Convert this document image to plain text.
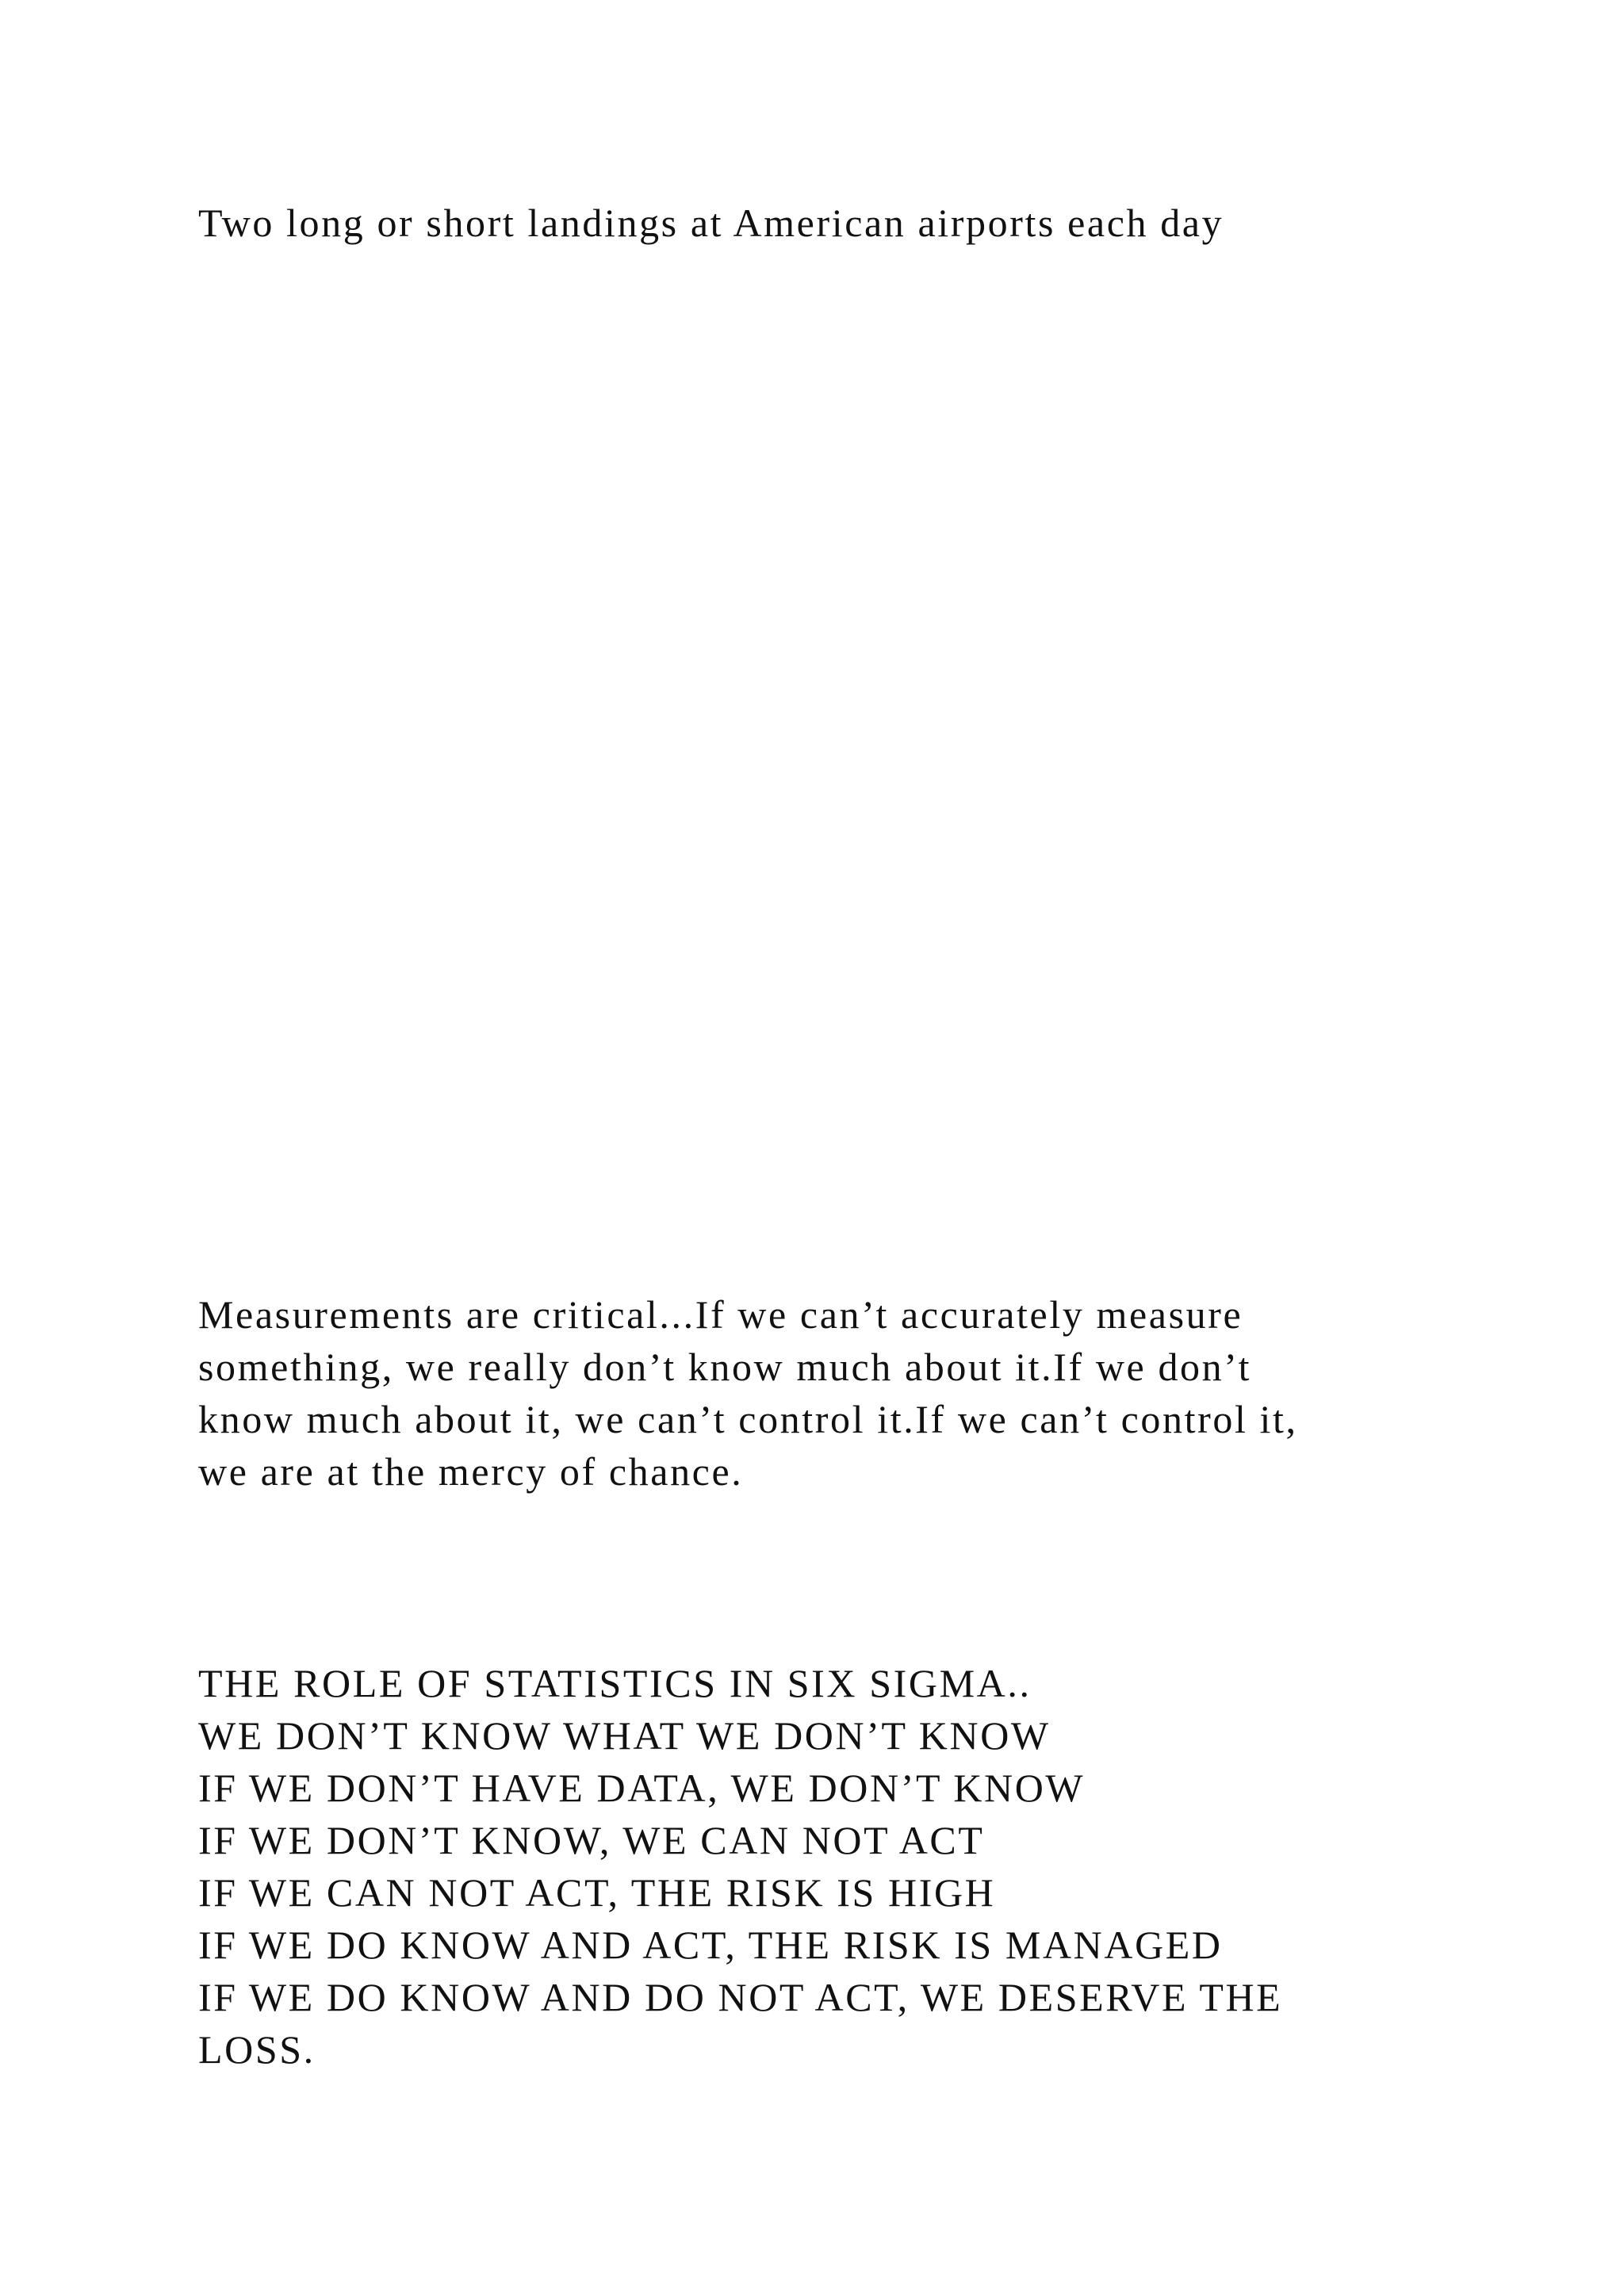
Two long or short landings at American airports each day
Measurements are critical...If we can’t accurately measure
something, we really don’t know much about it.If we don’t
know much about it, we can’t control it.If we can’t control it,
we are at the mercy of chance.
THE ROLE OF STATISTICS IN SIX SIGMA..
WE DON’T KNOW WHAT WE DON’T KNOW
IF WE DON’T HAVE DATA, WE DON’T KNOW
IF WE DON’T KNOW, WE CAN NOT ACT
IF WE CAN NOT ACT, THE RISK IS HIGH
IF WE DO KNOW AND ACT, THE RISK IS MANAGED
IF WE DO KNOW AND DO NOT ACT, WE DESERVE THE
LOSS.
